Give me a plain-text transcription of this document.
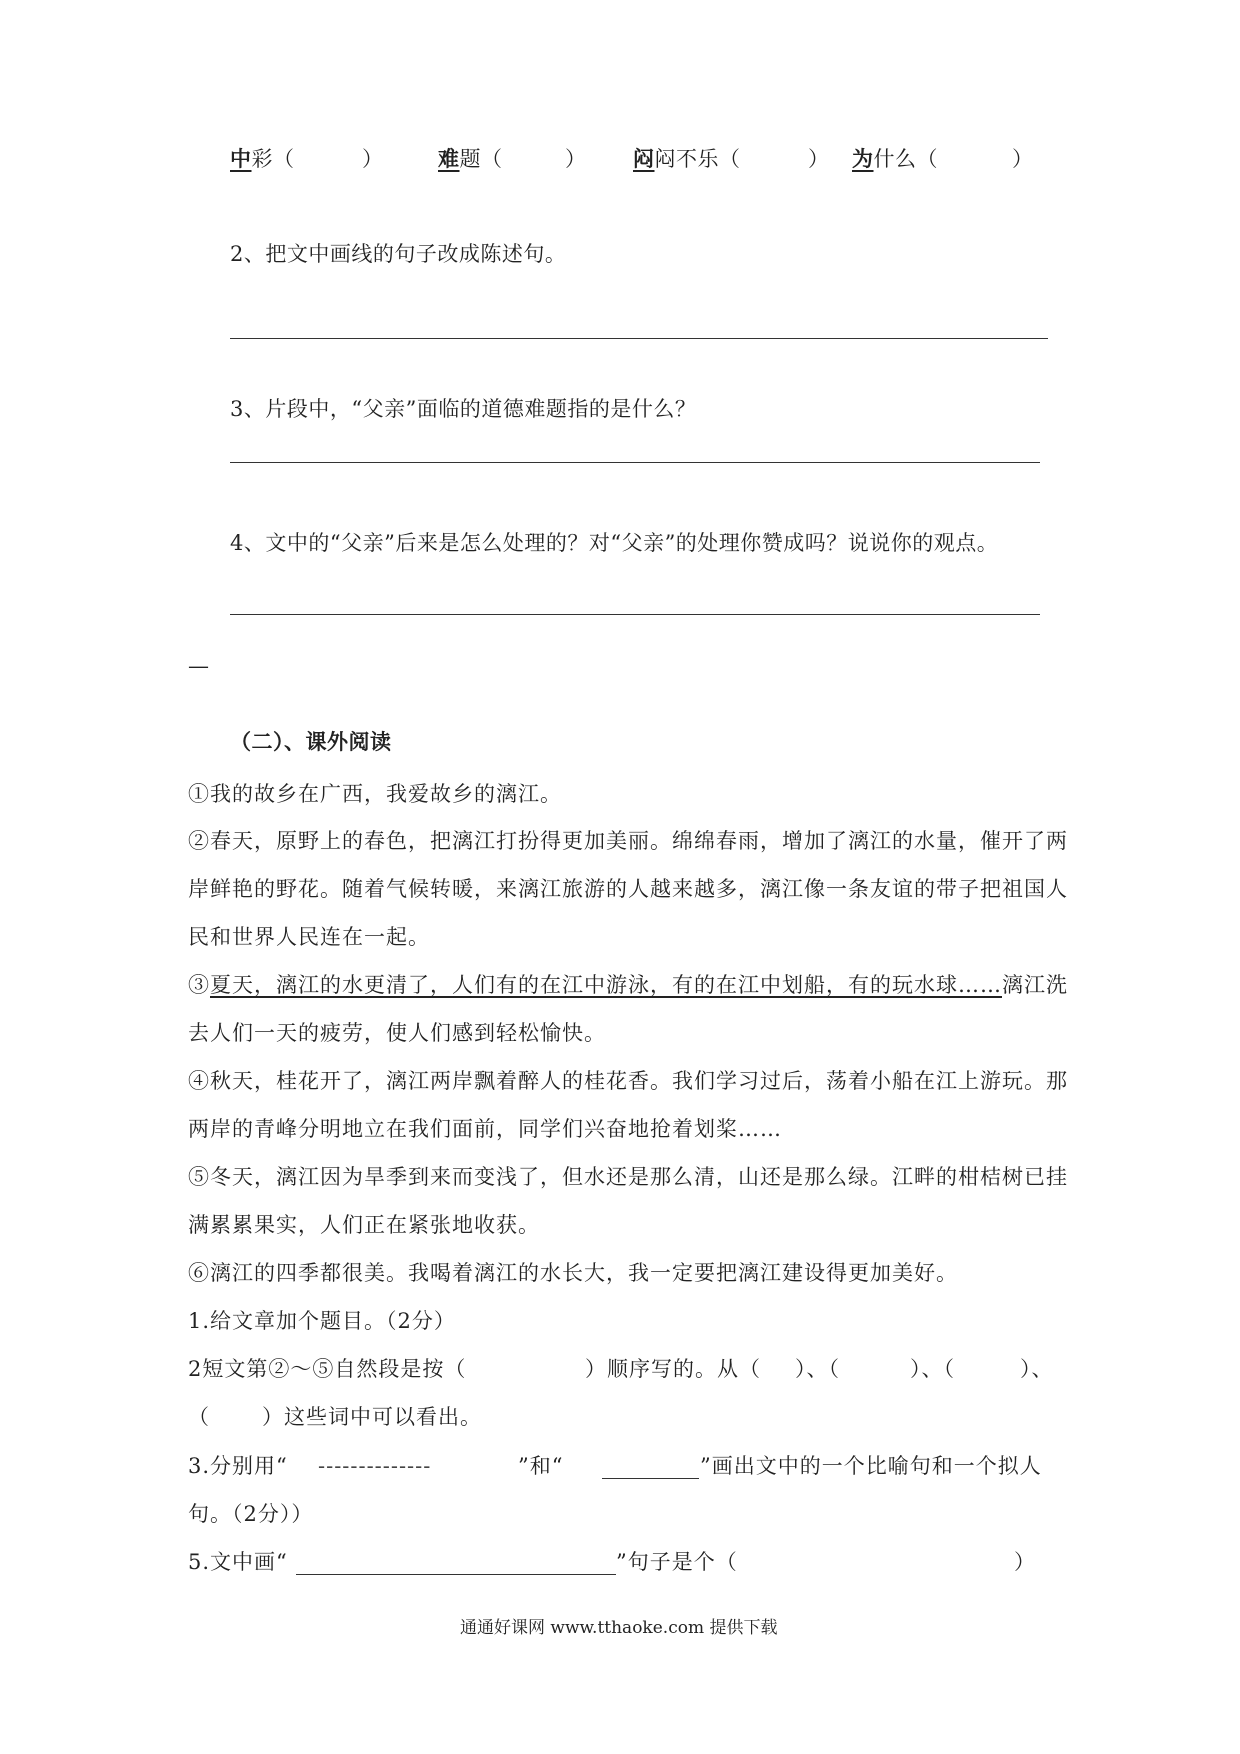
中彩（	）	难题（	） 闷闷不乐（	） 为什么（	）
2、把文中画线的句子改成陈述句。
3、片段中，“父亲”面临的道德难题指的是什么？
4、文中的“父亲”后来是怎么处理的？对“父亲”的处理你赞成吗？说说你的观点。
—
（二）、课外阅读
①我的故乡在广西，我爱故乡的漓江。
②春天，原野上的春色，把漓江打扮得更加美丽。绵绵春雨，增加了漓江的水量，催开了两
岸鲜艳的野花。随着气候转暖，来漓江旅游的人越来越多，漓江像一条友谊的带子把祖国人
民和世界人民连在一起。
③夏天，漓江的水更清了，人们有的在江中游泳，有的在江中划船，有的玩水球……漓江洗
去人们一天的疲劳，使人们感到轻松愉快。
④秋天，桂花开了，漓江两岸飘着醉人的桂花香。我们学习过后，荡着小船在江上游玩。那
两岸的青峰分明地立在我们面前，同学们兴奋地抢着划桨……
⑤冬天，漓江因为旱季到来而变浅了，但水还是那么清，山还是那么绿。江畔的柑桔树已挂
满累累果实，人们正在紧张地收获。
⑥漓江的四季都很美。我喝着漓江的水长大，我一定要把漓江建设得更加美好。
1.给文章加个题目。（2分）
2短文第②～⑤自然段是按（	）顺序写的。从（ ）、（	）、（	）、
（ ）这些词中可以看出。
3.分别用“ --------------	”和“	”画出文中的一个比喻句和一个拟人
句。（2分））
5.文中画“	”句子是个（	）
通通好课网 www.tthaoke.com 提供下载
